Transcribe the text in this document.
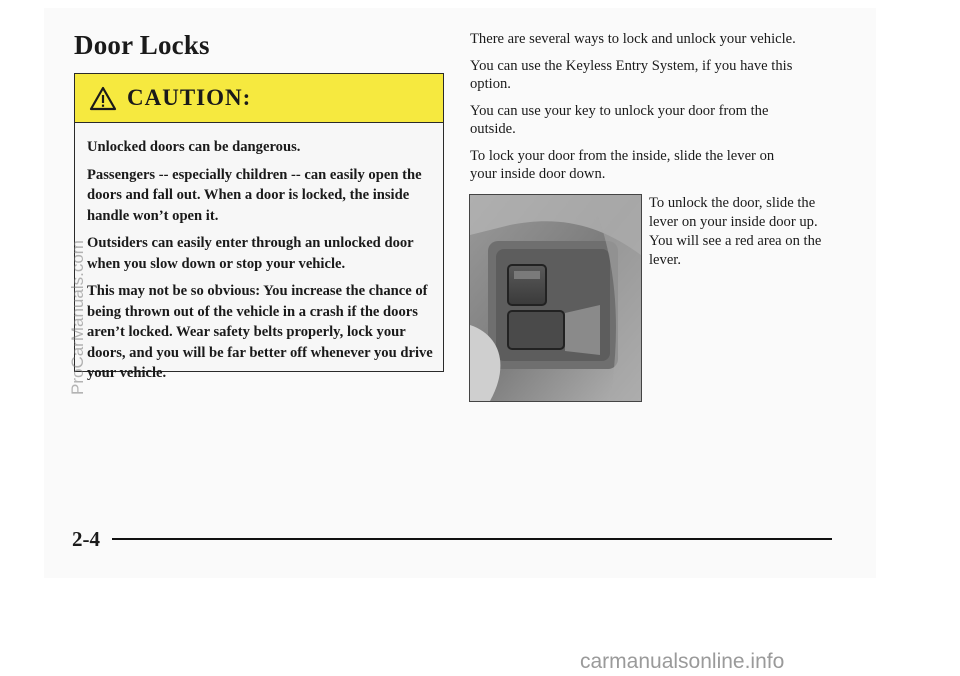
Door Locks
CAUTION:

Unlocked doors can be dangerous.

Passengers -- especially children -- can easily open the doors and fall out. When a door is locked, the inside handle won’t open it.

Outsiders can easily enter through an unlocked door when you slow down or stop your vehicle.

This may not be so obvious: You increase the chance of being thrown out of the vehicle in a crash if the doors aren’t locked. Wear safety belts properly, lock your doors, and you will be far better off whenever you drive your vehicle.

There are several ways to lock and unlock your vehicle.

You can use the Keyless Entry System, if you have this option.

You can use your key to unlock your door from the outside.

To lock your door from the inside, slide the lever on your inside door down.

To unlock the door, slide the lever on your inside door up. You will see a red area on the lever.
2-4
ProCarManuals.com
carmanualsonline.info
